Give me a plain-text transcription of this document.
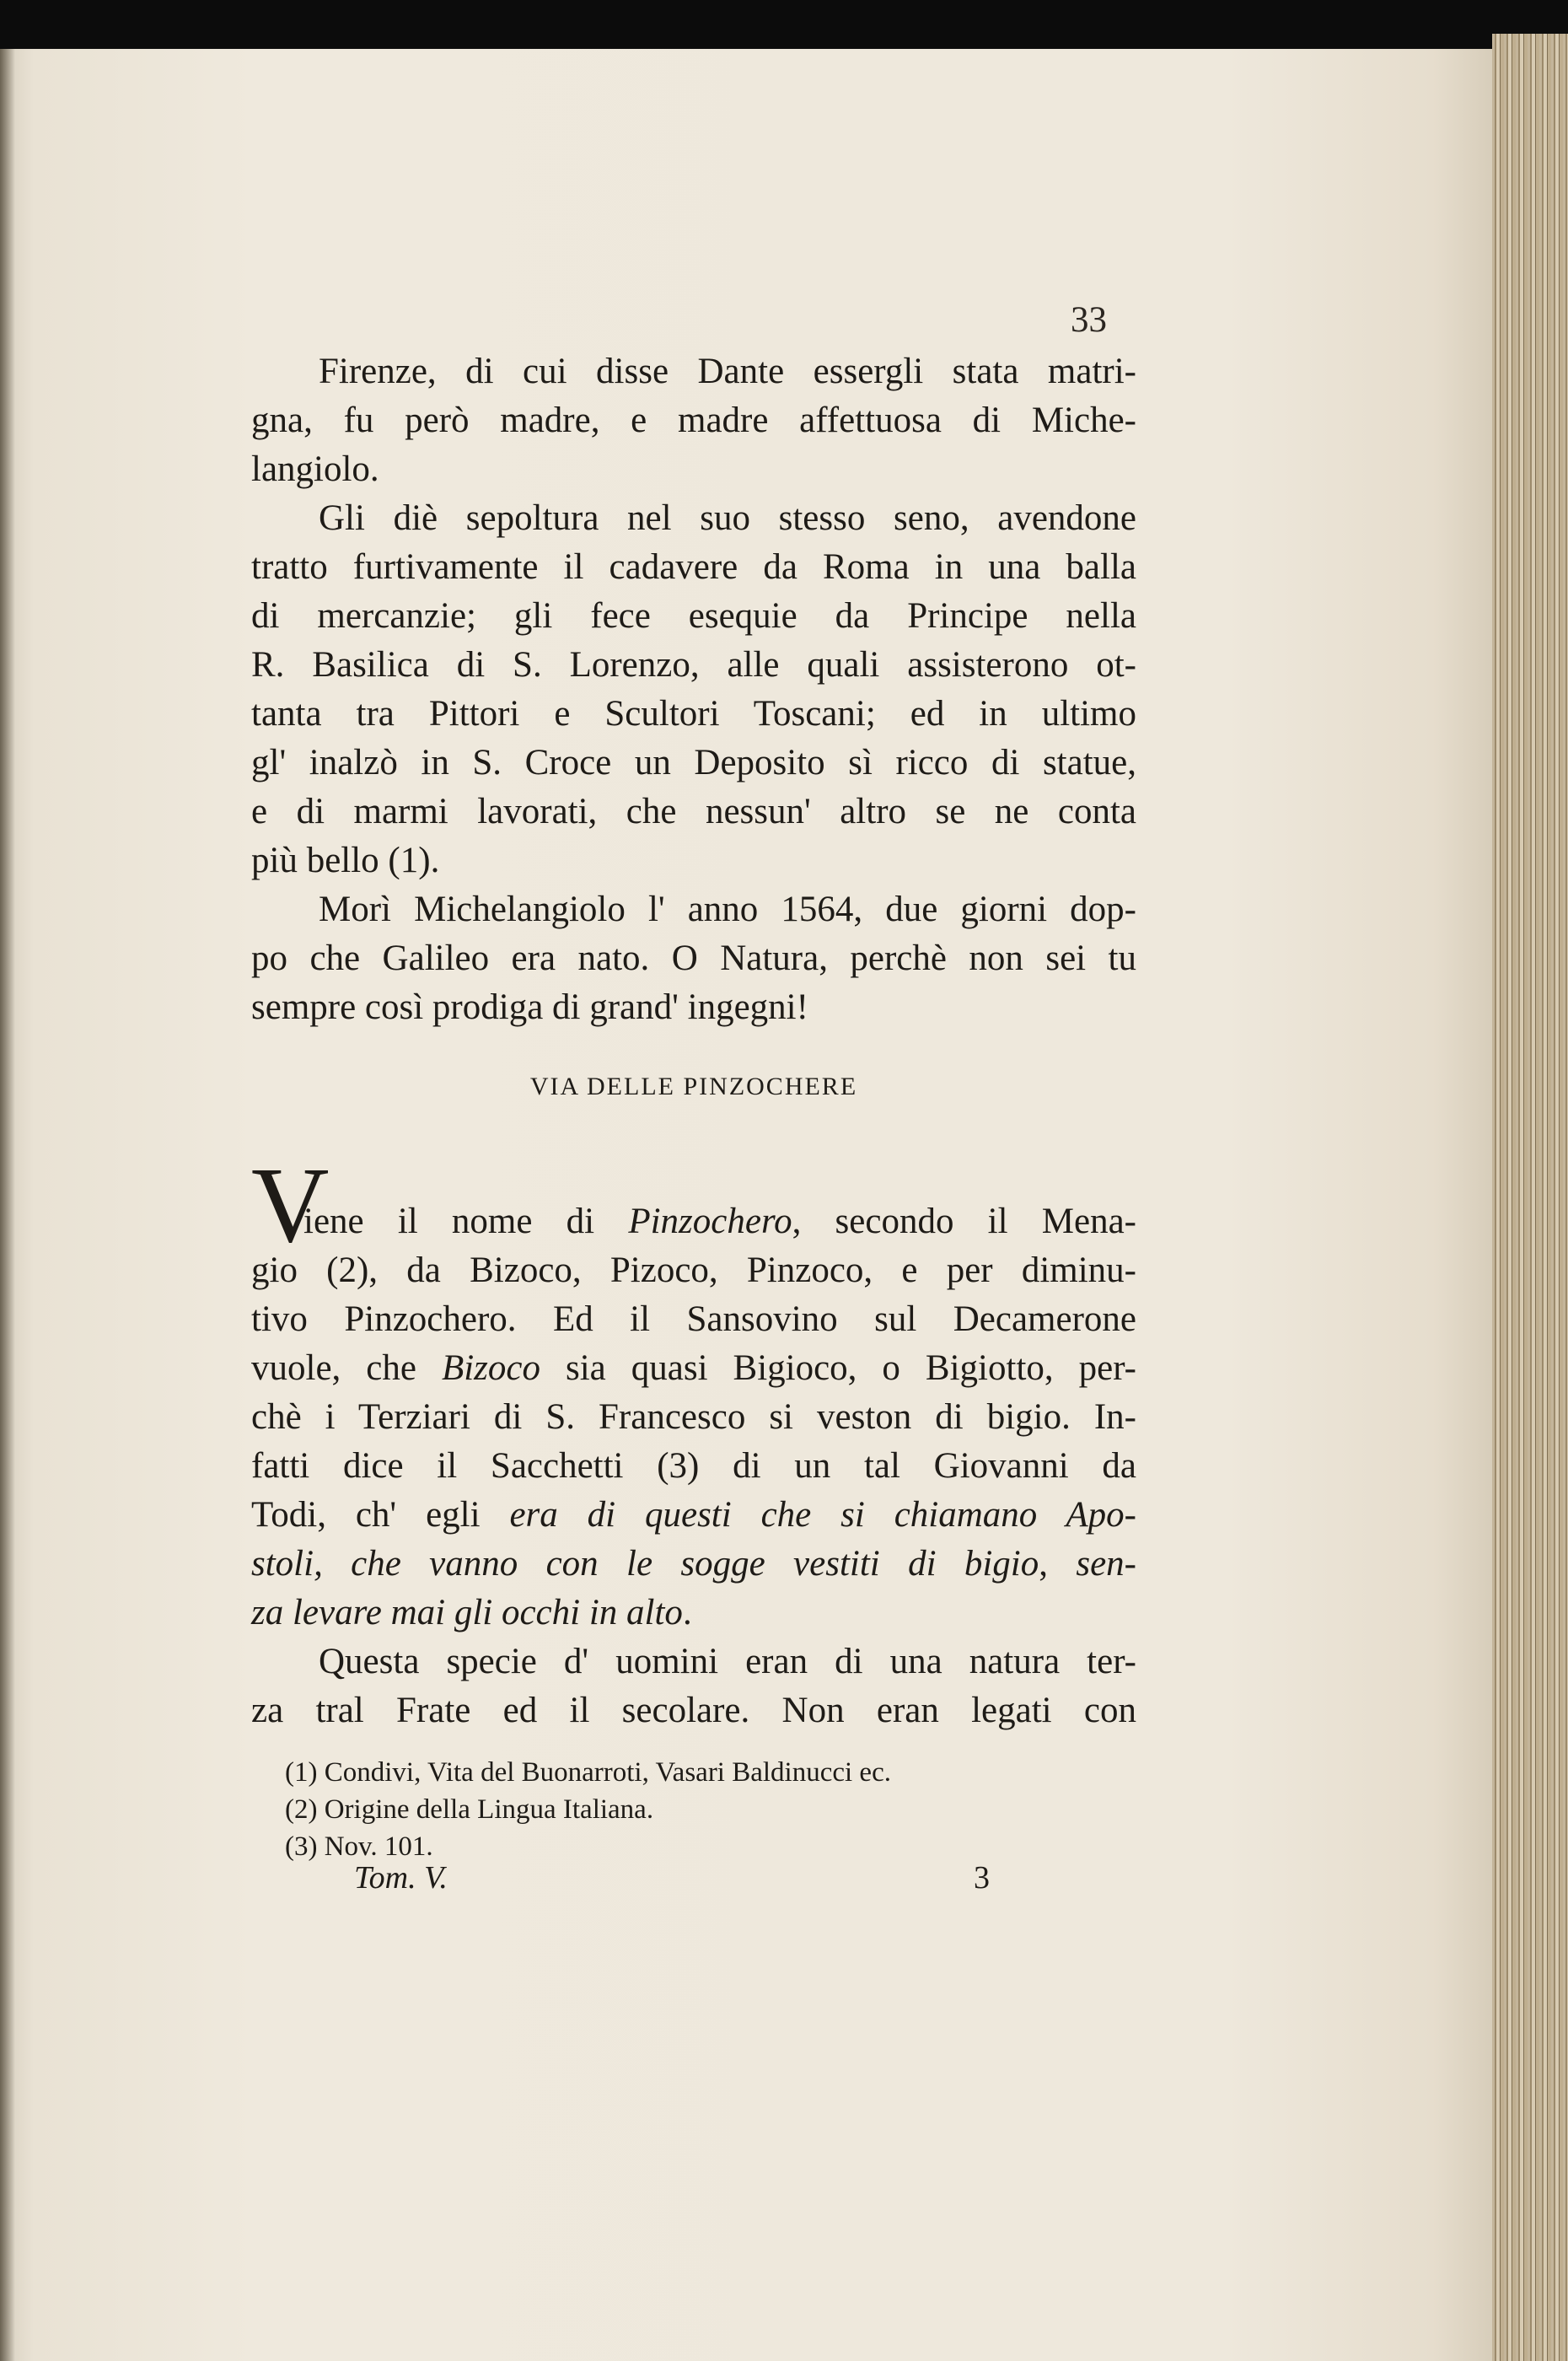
33
Firenze, di cui disse Dante essergli stata matri-
gna, fu però madre, e madre affettuosa di Miche-
langiolo.
Gli diè sepoltura nel suo stesso seno, avendone
tratto furtivamente il cadavere da Roma in una balla
di mercanzie; gli fece esequie da Principe nella
R. Basilica di S. Lorenzo, alle quali assisterono ot-
tanta tra Pittori e Scultori Toscani; ed in ultimo
gl' inalzò in S. Croce un Deposito sì ricco di statue,
e di marmi lavorati, che nessun' altro se ne conta
più bello (1).
Morì Michelangiolo l' anno 1564, due giorni dop-
po che Galileo era nato. O Natura, perchè non sei tu
sempre così prodiga di grand' ingegni!
VIA DELLE PINZOCHERE
V
iene il nome di Pinzochero, secondo il Mena-
gio (2), da Bizoco, Pizoco, Pinzoco, e per diminu-
tivo Pinzochero. Ed il Sansovino sul Decamerone
vuole, che Bizoco sia quasi Bigioco, o Bigiotto, per-
chè i Terziari di S. Francesco si veston di bigio. In-
fatti dice il Sacchetti (3) di un tal Giovanni da
Todi, ch' egli era di questi che si chiamano Apo-
stoli, che vanno con le sogge vestiti di bigio, sen-
za levare mai gli occhi in alto.
Questa specie d' uomini eran di una natura ter-
za tral Frate ed il secolare. Non eran legati con
(1) Condivi, Vita del Buonarroti, Vasari Baldinucci ec.
(2) Origine della Lingua Italiana.
(3) Nov. 101.
Tom. V.	3
